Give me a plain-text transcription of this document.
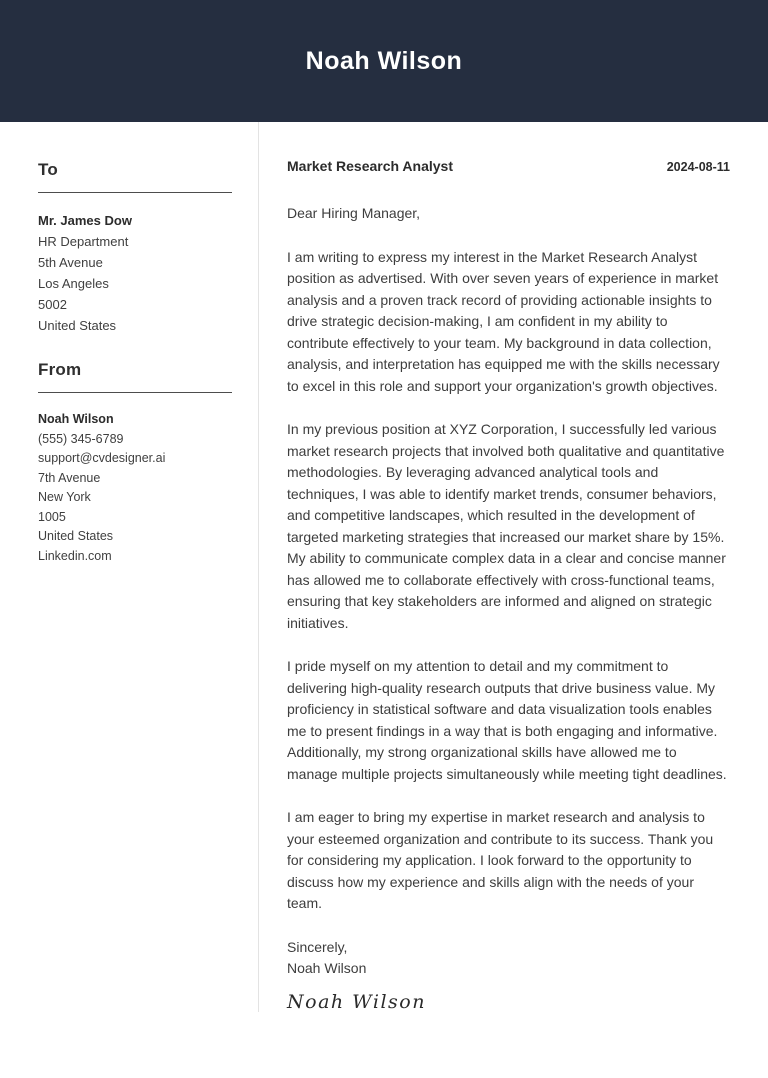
Noah Wilson
To
Mr. James Dow
HR Department
5th Avenue
Los Angeles
5002
United States
From
Noah Wilson
(555) 345-6789
support@cvdesigner.ai
7th Avenue
New York
1005
United States
Linkedin.com
Market Research Analyst	2024-08-11

Dear Hiring Manager,

I am writing to express my interest in the Market Research Analyst position as advertised. With over seven years of experience in market analysis and a proven track record of providing actionable insights to drive strategic decision-making, I am confident in my ability to contribute effectively to your team. My background in data collection, analysis, and interpretation has equipped me with the skills necessary to excel in this role and support your organization's growth objectives.

In my previous position at XYZ Corporation, I successfully led various market research projects that involved both qualitative and quantitative methodologies. By leveraging advanced analytical tools and techniques, I was able to identify market trends, consumer behaviors, and competitive landscapes, which resulted in the development of targeted marketing strategies that increased our market share by 15%. My ability to communicate complex data in a clear and concise manner has allowed me to collaborate effectively with cross-functional teams, ensuring that key stakeholders are informed and aligned on strategic initiatives.

I pride myself on my attention to detail and my commitment to delivering high-quality research outputs that drive business value. My proficiency in statistical software and data visualization tools enables me to present findings in a way that is both engaging and informative. Additionally, my strong organizational skills have allowed me to manage multiple projects simultaneously while meeting tight deadlines.

I am eager to bring my expertise in market research and analysis to your esteemed organization and contribute to its success. Thank you for considering my application. I look forward to the opportunity to discuss how my experience and skills align with the needs of your team.

Sincerely,
Noah Wilson
Noah Wilson
